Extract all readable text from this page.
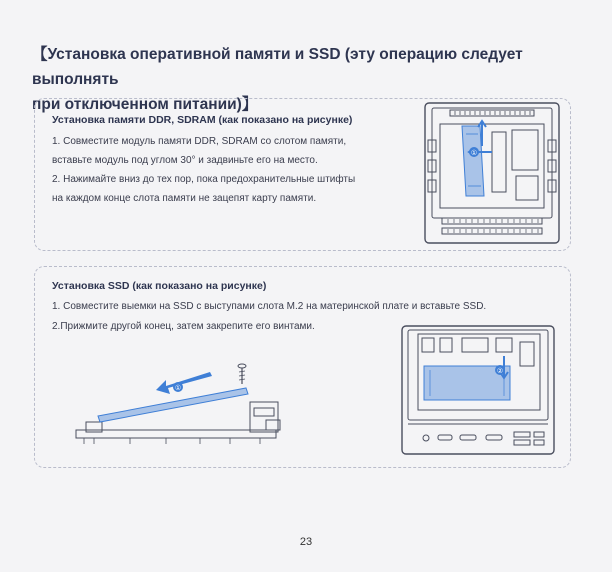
【Установка оперативной памяти и SSD (эту операцию следует выполнять
при отключенном питании)】

Установка памяти DDR, SDRAM (как показано на рисунке)

1. Совместите модуль памяти DDR, SDRAM со слотом памяти,

вставьте модуль под углом 30° и задвиньте его на место.

2. Нажимайте вниз до тех пор, пока предохранительные штифты

на каждом конце слота памяти не зацепят карту памяти.

①

Установка SSD (как показано на рисунке)

1. Совместите выемки на SSD с выступами слота M.2 на материнской плате и вставьте SSD.

2.Прижмите другой конец, затем закрепите его винтами.

①
②
23
